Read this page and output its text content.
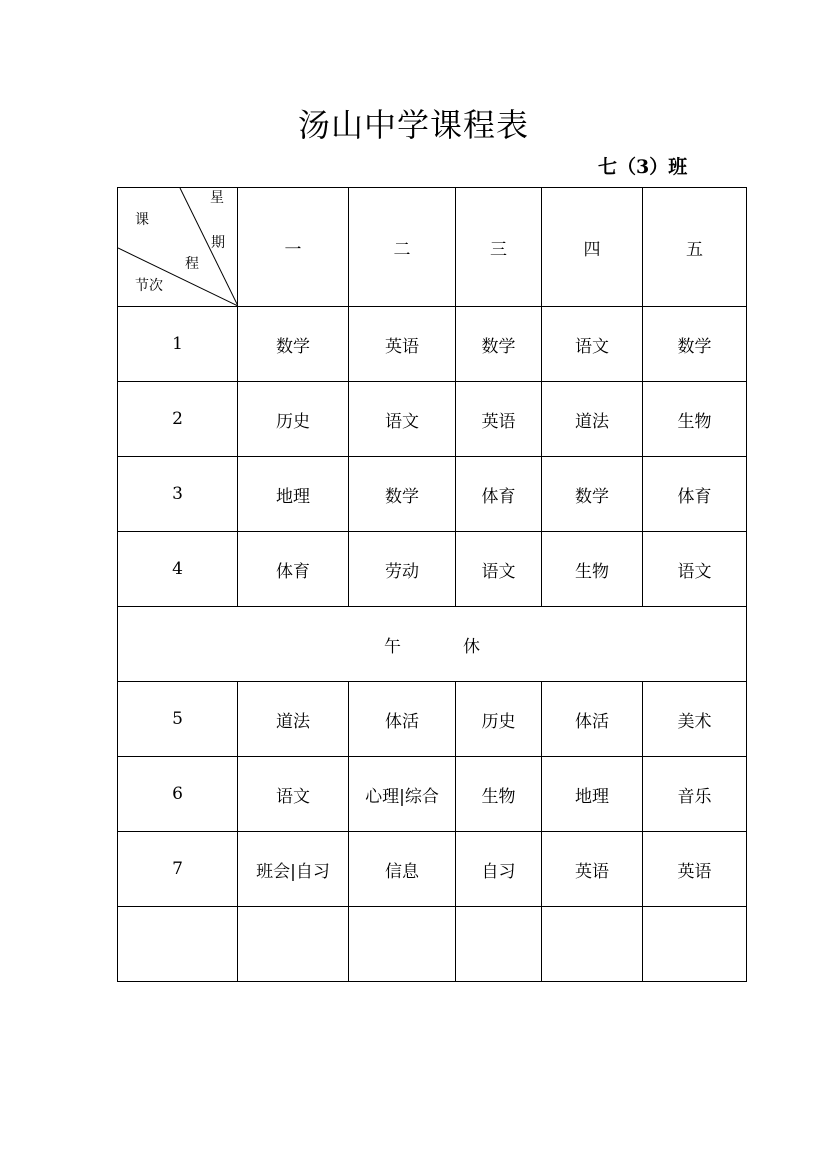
汤山中学课程表
七（3）班
星
期
课
程
节次	一	二	三	四	五
1	数学	英语	数学	语文	数学
2	历史	语文	英语	道法	生物
3	地理	数学	体育	数学	体育
4	体育	劳动	语文	生物	语文
午 休					
5	道法	体活	历史	体活	美术
6	语文	心理|综合	生物	地理	音乐
7	班会|自习	信息	自习	英语	英语
